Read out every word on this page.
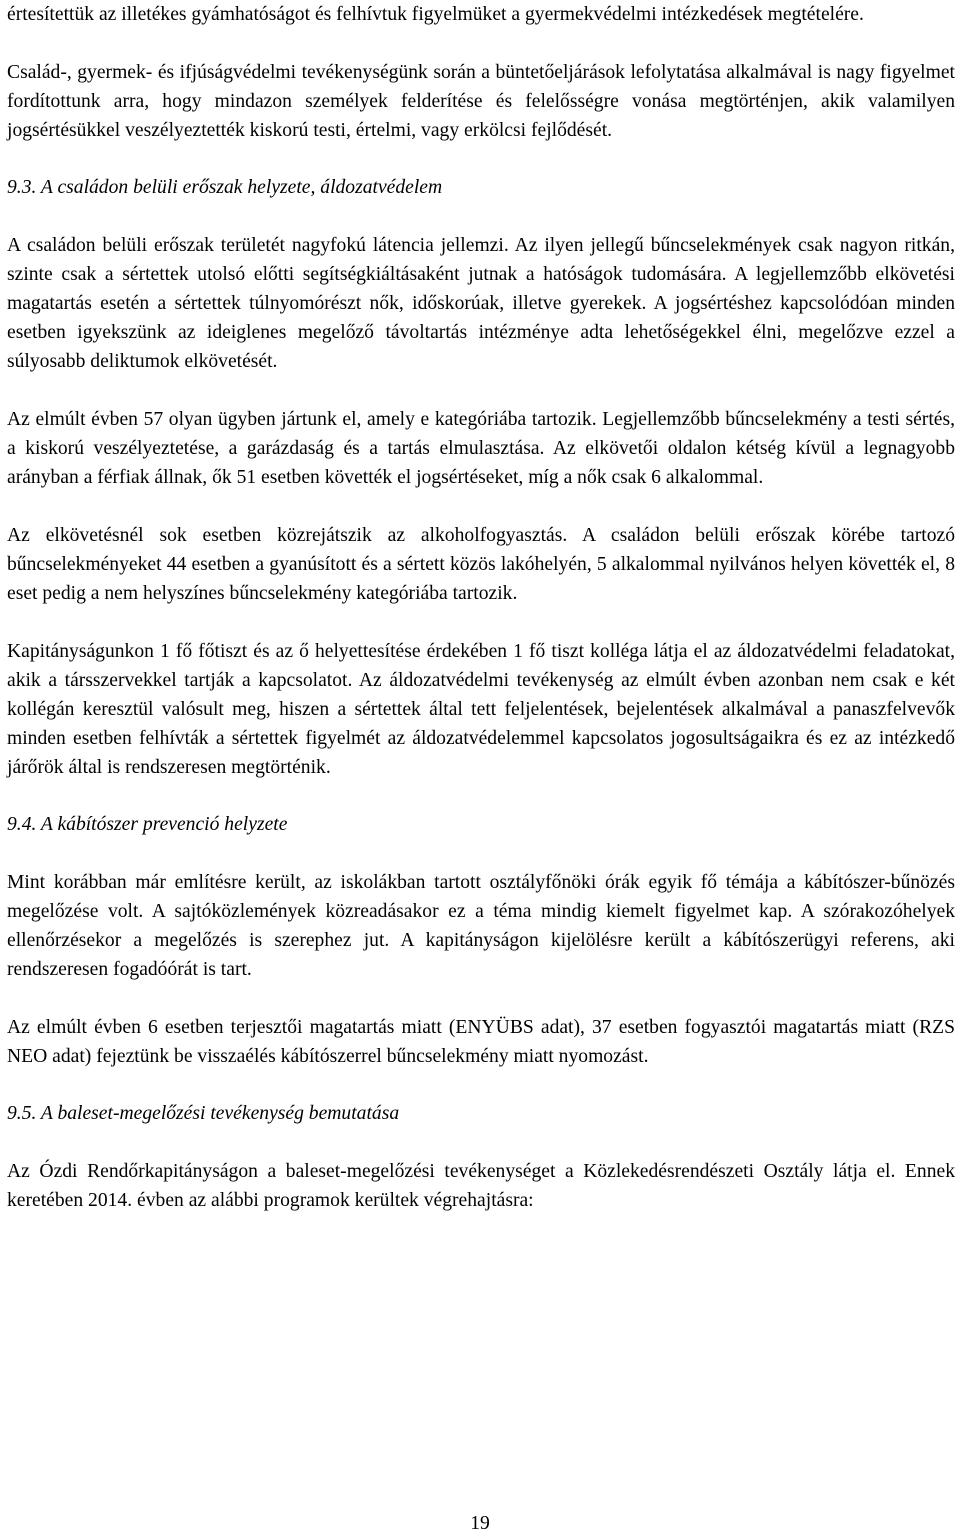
értesítettük az illetékes gyámhatóságot és felhívtuk figyelmüket a gyermekvédelmi intézkedések megtételére.

Család-, gyermek- és ifjúságvédelmi tevékenységünk során a büntetőeljárások lefolytatása alkalmával is nagy figyelmet fordítottunk arra, hogy mindazon személyek felderítése és felelősségre vonása megtörténjen, akik valamilyen jogsértésükkel veszélyeztették kiskorú testi, értelmi, vagy erkölcsi fejlődését.

9.3. A családon belüli erőszak helyzete, áldozatvédelem

A családon belüli erőszak területét nagyfokú látencia jellemzi. Az ilyen jellegű bűncselekmények csak nagyon ritkán, szinte csak a sértettek utolsó előtti segítségkiáltásaként jutnak a hatóságok tudomására. A legjellemzőbb elkövetési magatartás esetén a sértettek túlnyomórészt nők, időskorúak, illetve gyerekek. A jogsértéshez kapcsolódóan minden esetben igyekszünk az ideiglenes megelőző távoltartás intézménye adta lehetőségekkel élni, megelőzve ezzel a súlyosabb deliktumok elkövetését.

Az elmúlt évben 57 olyan ügyben jártunk el, amely e kategóriába tartozik. Legjellemzőbb bűncselekmény a testi sértés, a kiskorú veszélyeztetése, a garázdaság és a tartás elmulasztása. Az elkövetői oldalon kétség kívül a legnagyobb arányban a férfiak állnak, ők 51 esetben követték el jogsértéseket, míg a nők csak 6 alkalommal.

Az elkövetésnél sok esetben közrejátszik az alkoholfogyasztás. A családon belüli erőszak körébe tartozó bűncselekményeket 44 esetben a gyanúsított és a sértett közös lakóhelyén, 5 alkalommal nyilvános helyen követték el, 8 eset pedig a nem helyszínes bűncselekmény kategóriába tartozik.

Kapitányságunkon 1 fő főtiszt és az ő helyettesítése érdekében 1 fő tiszt kollégа látja el az áldozatvédelmi feladatokat, akik a társszervekkel tartják a kapcsolatot. Az áldozatvédelmi tevékenység az elmúlt évben azonban nem csak e két kollégán keresztül valósult meg, hiszen a sértettek által tett feljelentések, bejelentések alkalmával a panaszfelvevők minden esetben felhívták a sértettek figyelmét az áldozatvédelemmel kapcsolatos jogosultságaikra és ez az intézkedő járőrök által is rendszeresen megtörténik.

9.4. A kábítószer prevenció helyzete

Mint korábban már említésre került, az iskolákban tartott osztályfőnöki órák egyik fő témája a kábítószer-bűnözés megelőzése volt. A sajtóközlemények közreadásakor ez a téma mindig kiemelt figyelmet kap. A szórakozóhelyek ellenőrzésekor a megelőzés is szerephez jut. A kapitányságon kijelölésre került a kábítószerügyi referens, aki rendszeresen fogadóórát is tart.

Az elmúlt évben 6 esetben terjesztői magatartás miatt (ENYÜBS adat), 37 esetben fogyasztói magatartás miatt (RZS NEO adat) fejeztünk be visszaélés kábítószerrel bűncselekmény miatt nyomozást.

9.5. A baleset-megelőzési tevékenység bemutatása

Az Ózdi Rendőrkapitányságon a baleset-megelőzési tevékenységet a Közlekedésrendészeti Osztály látja el. Ennek keretében 2014. évben az alábbi programok kerültek végrehajtásra:

19
